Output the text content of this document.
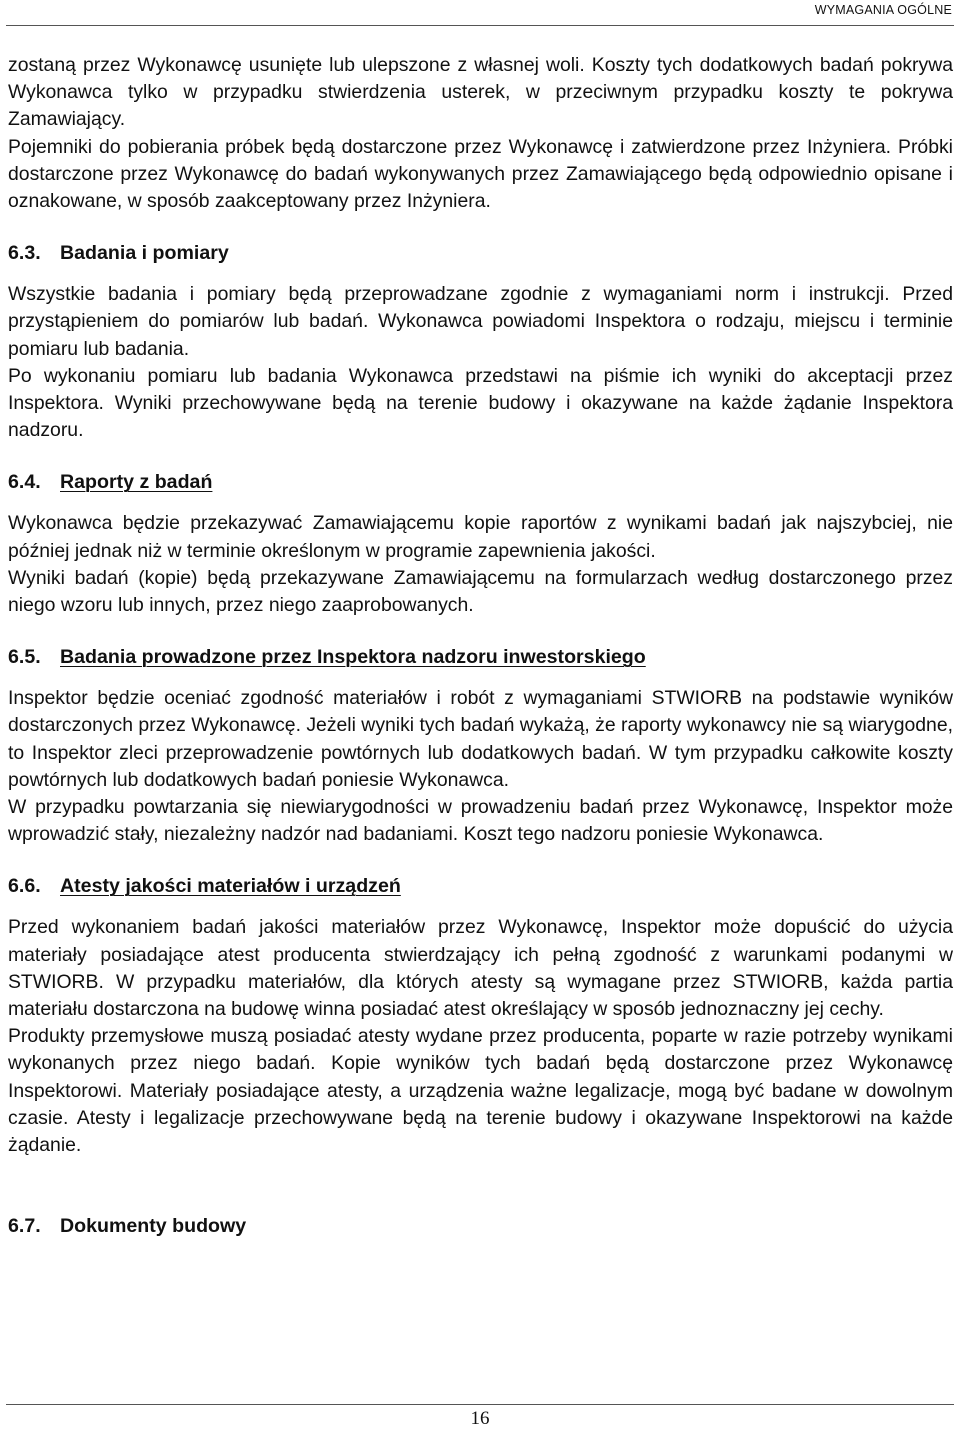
WYMAGANIA OGÓLNE

zostaną przez Wykonawcę usunięte lub ulepszone z własnej woli. Koszty tych dodatkowych badań pokrywa Wykonawca tylko w przypadku stwierdzenia usterek, w przeciwnym przypadku koszty te pokrywa Zamawiający.

Pojemniki do pobierania próbek będą dostarczone przez Wykonawcę i zatwierdzone przez Inżyniera. Próbki dostarczone przez Wykonawcę do badań wykonywanych przez Zamawiającego będą odpowiednio opisane i oznakowane, w sposób zaakceptowany przez Inżyniera.

6.3. Badania i pomiary

Wszystkie badania i pomiary będą przeprowadzane zgodnie z wymaganiami norm i instrukcji. Przed przystąpieniem do pomiarów lub badań. Wykonawca powiadomi Inspektora o rodzaju, miejscu i terminie pomiaru lub badania.

Po wykonaniu pomiaru lub badania Wykonawca przedstawi na piśmie ich wyniki do akceptacji przez Inspektora. Wyniki przechowywane będą na terenie budowy i okazywane na każde żądanie Inspektora nadzoru.

6.4. Raporty z badań

Wykonawca będzie przekazywać Zamawiającemu kopie raportów z wynikami badań jak najszybciej, nie później jednak niż w terminie określonym w programie zapewnienia jakości.

Wyniki badań (kopie) będą przekazywane Zamawiającemu na formularzach według dostarczonego przez niego wzoru lub innych, przez niego zaaprobowanych.

6.5. Badania prowadzone przez Inspektora nadzoru inwestorskiego

Inspektor będzie oceniać zgodność materiałów i robót z wymaganiami STWIORB na podstawie wyników dostarczonych przez Wykonawcę. Jeżeli wyniki tych badań wykażą, że raporty wykonawcy nie są wiarygodne, to Inspektor zleci przeprowadzenie powtórnych lub dodatkowych badań. W tym przypadku całkowite koszty powtórnych lub dodatkowych badań poniesie Wykonawca.

W przypadku powtarzania się niewiarygodności w prowadzeniu badań przez Wykonawcę, Inspektor może wprowadzić stały, niezależny nadzór nad badaniami. Koszt tego nadzoru poniesie Wykonawca.

6.6. Atesty jakości materiałów i urządzeń

Przed wykonaniem badań jakości materiałów przez Wykonawcę, Inspektor może dopuścić do użycia materiały posiadające atest producenta stwierdzający ich pełną zgodność z warunkami podanymi w STWIORB. W przypadku materiałów, dla których atesty są wymagane przez STWIORB, każda partia materiału dostarczona na budowę winna posiadać atest określający w sposób jednoznaczny jej cechy.

Produkty przemysłowe muszą posiadać atesty wydane przez producenta, poparte w razie potrzeby wynikami wykonanych przez niego badań. Kopie wyników tych badań będą dostarczone przez Wykonawcę Inspektorowi. Materiały posiadające atesty, a urządzenia ważne legalizacje, mogą być badane w dowolnym czasie. Atesty i legalizacje przechowywane będą na terenie budowy i okazywane Inspektorowi na każde żądanie.

6.7. Dokumenty budowy
16
